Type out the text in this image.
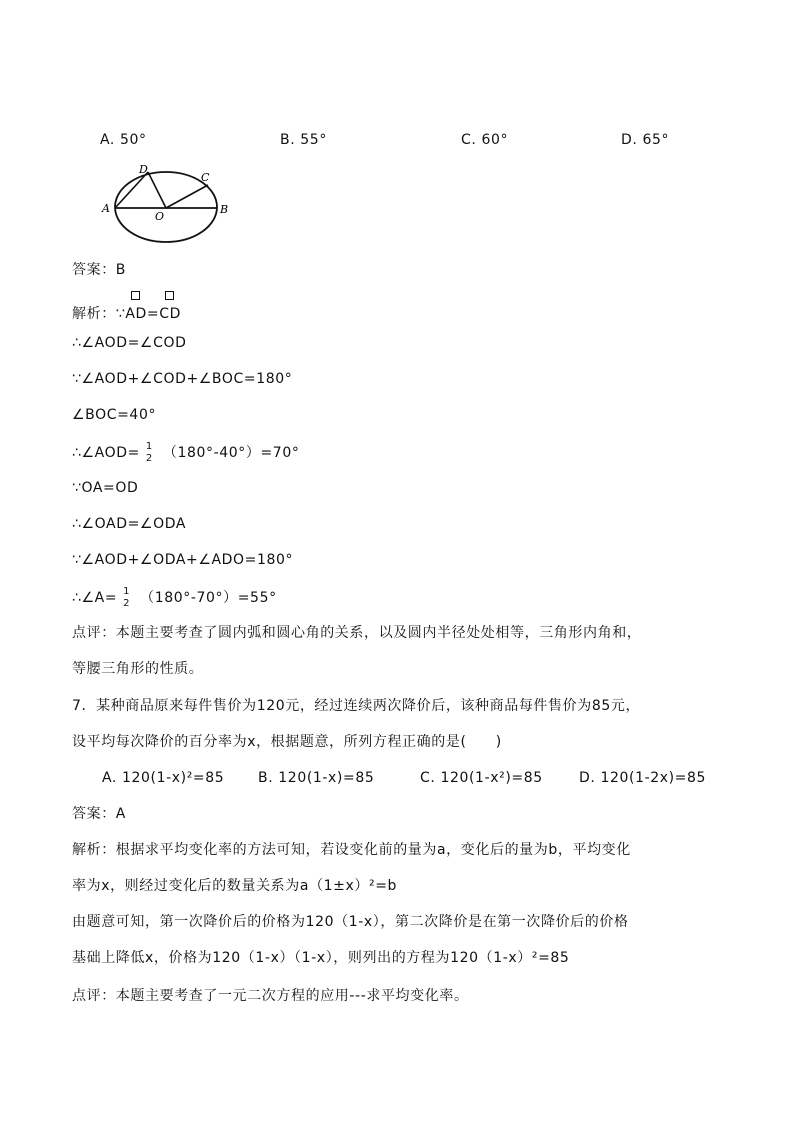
A. 50°	B. 55°	C. 60°	D. 65°
A	B
C
D
O
答案：B
解析：∵
AD=
CD
∴∠AOD=∠COD
∵∠AOD+∠COD+∠BOC=180°
∠BOC=40°
∴∠AOD= 1
2 （180°-40°）=70°
∵OA=OD
∴∠OAD=∠ODA
∵∠AOD+∠ODA+∠ADO=180°
∴∠A= 1
2 （180°-70°）=55°
点评：本题主要考查了圆内弧和圆心角的关系，以及圆内半径处处相等，三角形内角和，
等腰三角形的性质。
7．某种商品原来每件售价为120元，经过连续两次降价后，该种商品每件售价为85元，
设平均每次降价的百分率为x，根据题意，所列方程正确的是(　　)
A. 120(1-x)²=85 B. 120(1-x)=85	C. 120(1-x²)=85	D. 120(1-2x)=85
答案：A
解析：根据求平均变化率的方法可知，若设变化前的量为a，变化后的量为b，平均变化
率为x，则经过变化后的数量关系为a（1±x）²=b
由题意可知，第一次降价后的价格为120（1-x），第二次降价是在第一次降价后的价格
基础上降低x，价格为120（1-x）（1-x），则列出的方程为120（1-x）²=85
点评：本题主要考查了一元二次方程的应用---求平均变化率。
